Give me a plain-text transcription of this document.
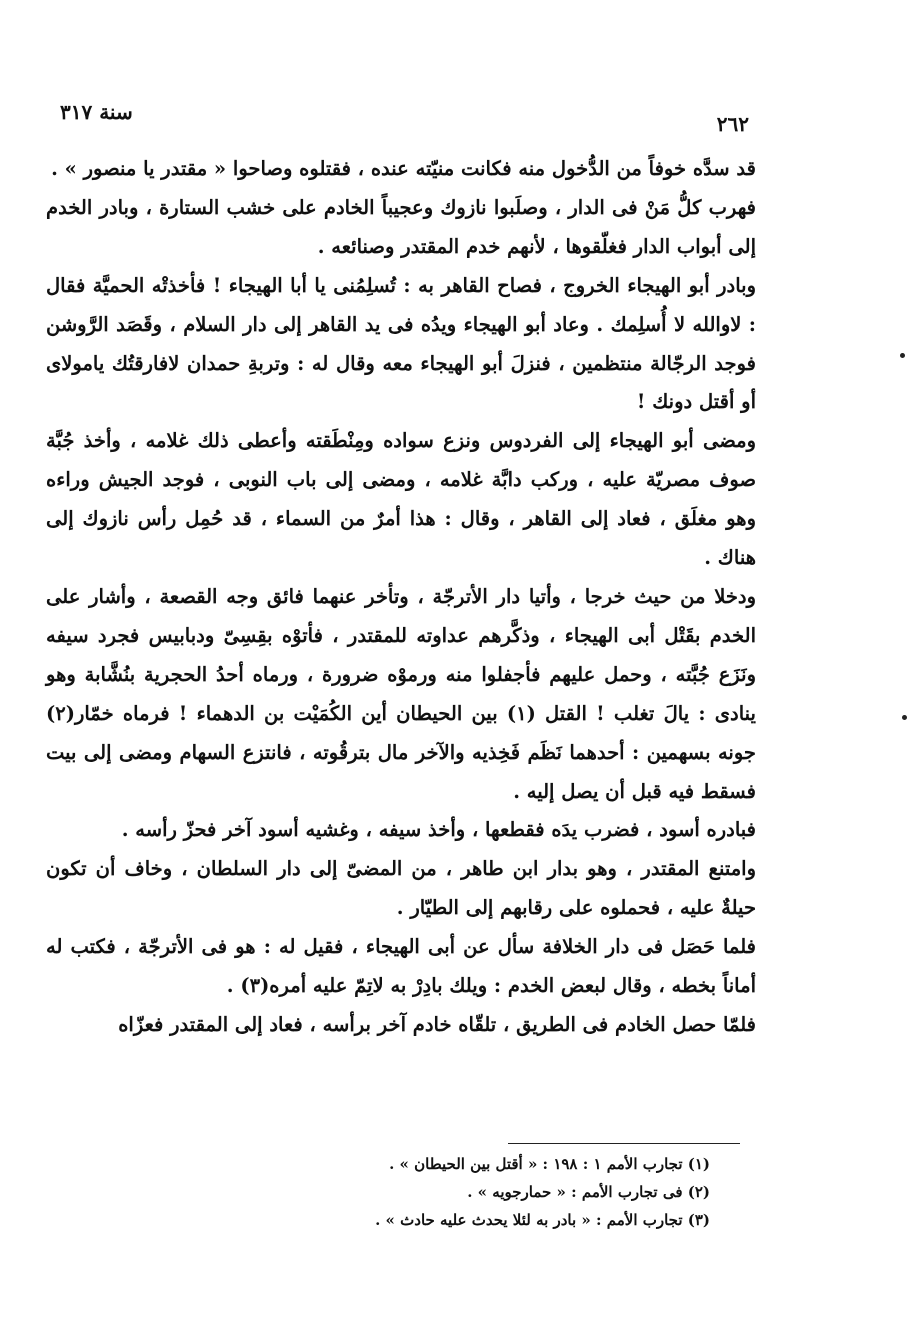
٢٦٢
سنة ٣١٧

قد سدَّه خوفاً من الدُّخول منه فكانت منيّته عنده ، فقتلوه وصاحوا « مقتدر يا منصور » .

فهرب كلُّ مَنْ فى الدار ، وصلَبوا نازوك وعجيباً الخادم على خشب الستارة ، وبادر الخدم إلى أبواب الدار فغلّقوها ، لأنهم خدم المقتدر وصنائعه .

وبادر أبو الهيجاء الخروج ، فصاح القاهر به : تُسلِمُنى يا أبا الهيجاء ! فأخذتْه الحميَّة فقال : لاوالله لا أُسلِمك . وعاد أبو الهيجاء ويدُه فى يد القاهر إلى دار السلام ، وقَصَد الرَّوشن فوجد الرجّالة منتظمين ، فنزلَ أبو الهيجاء معه وقال له : وتربةِ حمدان لافارقتُك يامولاى أو أقتل دونك !

ومضى أبو الهيجاء إلى الفردوس ونزع سواده ومِنْطَقته وأعطى ذلك غلامه ، وأخذ جُبَّة صوف مصريّة عليه ، وركب دابَّة غلامه ، ومضى إلى باب النوبى ، فوجد الجيش وراءه وهو مغلَق ، فعاد إلى القاهر ، وقال : هذا أمرٌ من السماء ، قد حُمِل رأس نازوك إلى هناك .

ودخلا من حيث خرجا ، وأتيا دار الأترجّة ، وتأخر عنهما فائق وجه القصعة ، وأشار على الخدم بقَتْل أبى الهيجاء ، وذكَّرهم عداوته للمقتدر ، فأتوْه بقِسِىّ ودبابيس فجرد سيفه ونَزَع جُبَّته ، وحمل عليهم فأجفلوا منه ورموْه ضرورة ، ورماه أحدُ الحجرية بنُشَّابة وهو ينادى : يالَ تغلب ! القتل (١) بين الحيطان أين الكُمَيْت بن الدهماء ! فرماه خمّار(٢) جونه بسهمين : أحدهما نَظَم فَخِذيه والآخر مال بترقُوته ، فانتزع السهام ومضى إلى بيت فسقط فيه قبل أن يصل إليه .

فبادره أسود ، فضرب يدَه فقطعها ، وأخذ سيفه ، وغشيه أسود آخر فحزّ رأسه .

وامتنع المقتدر ، وهو بدار ابن طاهر ، من المضىّ إلى دار السلطان ، وخاف أن تكون حيلةٌ عليه ، فحملوه على رقابهم إلى الطيّار .

فلما حَصَل فى دار الخلافة سأل عن أبى الهيجاء ، فقيل له : هو فى الأترجّة ، فكتب له أماناً بخطه ، وقال لبعض الخدم : ويلك بادِرْ به لاتِمّ عليه أمره(٣) .

فلمّا حصل الخادم فى الطريق ، تلقّاه خادم آخر برأسه ، فعاد إلى المقتدر فعزّاه

(١) تجارب الأمم ١ : ١٩٨ : « أقتل بين الحيطان » .

(٢) فى تجارب الأمم : « حمارجويه » .

(٣) تجارب الأمم : « بادر به لئلا يحدث عليه حادث » .
